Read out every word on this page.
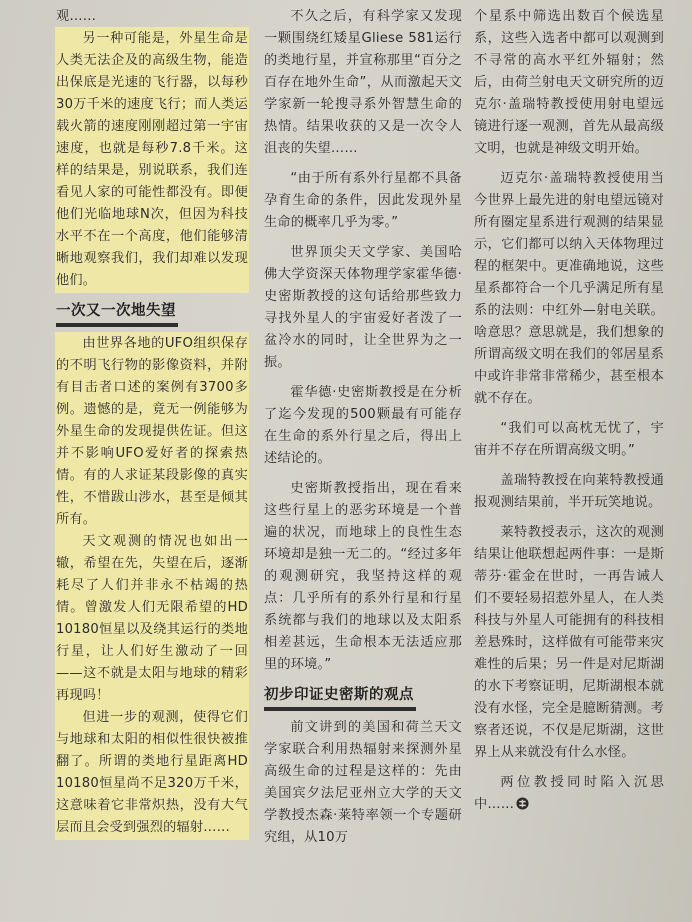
观……

另一种可能是，外星生命是人类无法企及的高级生物，能造出保底是光速的飞行器，以每秒30万千米的速度飞行；而人类运载火箭的速度刚刚超过第一宇宙速度，也就是每秒7.8千米。这样的结果是，别说联系，我们连看见人家的可能性都没有。即便他们光临地球N次，但因为科技水平不在一个高度，他们能够清晰地观察我们，我们却难以发现他们。

一次又一次地失望

由世界各地的UFO组织保存的不明飞行物的影像资料，并附有目击者口述的案例有3700多例。遗憾的是，竟无一例能够为外星生命的发现提供佐证。但这并不影响UFO爱好者的探索热情。有的人求证某段影像的真实性，不惜跋山涉水，甚至是倾其所有。

天文观测的情况也如出一辙，希望在先，失望在后，逐渐耗尽了人们并非永不枯竭的热情。曾激发人们无限希望的HD 10180恒星以及绕其运行的类地行星，让人们好生激动了一回——这不就是太阳与地球的精彩再现吗！

但进一步的观测，使得它们与地球和太阳的相似性很快被推翻了。所谓的类地行星距离HD 10180恒星尚不足320万千米，这意味着它非常炽热，没有大气层而且会受到强烈的辐射……

不久之后，有科学家又发现一颗围绕红矮星Gliese 581运行的类地行星，并宣称那里“百分之百存在地外生命”，从而激起天文学家新一轮搜寻系外智慧生命的热情。结果收获的又是一次令人沮丧的失望……

“由于所有系外行星都不具备孕育生命的条件，因此发现外星生命的概率几乎为零。”

世界顶尖天文学家、美国哈佛大学资深天体物理学家霍华德·史密斯教授的这句话给那些致力寻找外星人的宇宙爱好者泼了一盆冷水的同时，让全世界为之一振。

霍华德·史密斯教授是在分析了迄今发现的500颗最有可能存在生命的系外行星之后，得出上述结论的。

史密斯教授指出，现在看来这些行星上的恶劣环境是一个普遍的状况，而地球上的良性生态环境却是独一无二的。“经过多年的观测研究，我坚持这样的观点：几乎所有的系外行星和行星系统都与我们的地球以及太阳系相差甚远，生命根本无法适应那里的环境。”

初步印证史密斯的观点

前文讲到的美国和荷兰天文学家联合利用热辐射来探测外星高级生命的过程是这样的：先由美国宾夕法尼亚州立大学的天文学教授杰森·莱特率领一个专题研究组，从10万

个星系中筛选出数百个候选星系，这些入选者中都可以观测到不寻常的高水平红外辐射；然后，由荷兰射电天文研究所的迈克尔·盖瑞特教授使用射电望远镜进行逐一观测，首先从最高级文明，也就是神级文明开始。

迈克尔·盖瑞特教授使用当今世界上最先进的射电望远镜对所有圈定星系进行观测的结果显示，它们都可以纳入天体物理过程的框架中。更准确地说，这些星系都符合一个几乎满足所有星系的法则：中红外—射电关联。啥意思？意思就是，我们想象的所谓高级文明在我们的邻居星系中或许非常非常稀少，甚至根本就不存在。

“我们可以高枕无忧了，宇宙并不存在所谓高级文明。”

盖瑞特教授在向莱特教授通报观测结果前，半开玩笑地说。

莱特教授表示，这次的观测结果让他联想起两件事：一是斯蒂芬·霍金在世时，一再告诫人们不要轻易招惹外星人，在人类科技与外星人可能拥有的科技相差悬殊时，这样做有可能带来灾难性的后果；另一件是对尼斯湖的水下考察证明，尼斯湖根本就没有水怪，完全是臆断猜测。考察者还说，不仅是尼斯湖，这世界上从来就没有什么水怪。

两位教授同时陷入沉思中……
